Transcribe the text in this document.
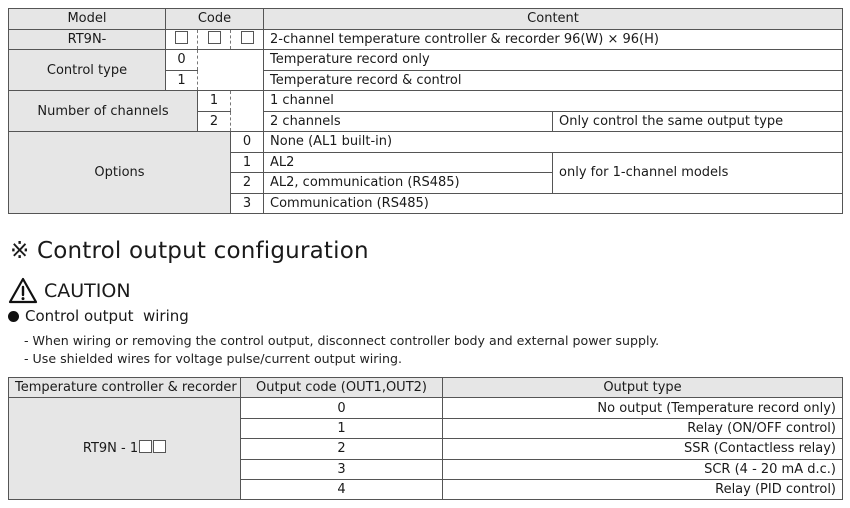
Model	Code			Content	
RT9N-				2-channel temperature controller & recorder 96(W) × 96(H)	
Control type	0			Temperature record only	
	1			Temperature record & control	
Number of channels		1		1 channel	
		2		2 channels	Only control the same output type
Options			0	None (AL1 built-in)	
			1	AL2	only for 1-channel models
			2	AL2, communication (RS485)	
			3	Communication (RS485)	
※ Control output configuration
CAUTION
Control output  wiring
- When wiring or removing the control output, disconnect controller body and external power supply.
- Use shielded wires for voltage pulse/current output wiring.
Temperature controller & recorder	Output code (OUT1,OUT2)	Output type
RT9N - 1	0	No output (Temperature record only)
	1	Relay (ON/OFF control)
	2	SSR (Contactless relay)
	3	SCR (4 - 20 mA d.c.)
	4	Relay (PID control)
